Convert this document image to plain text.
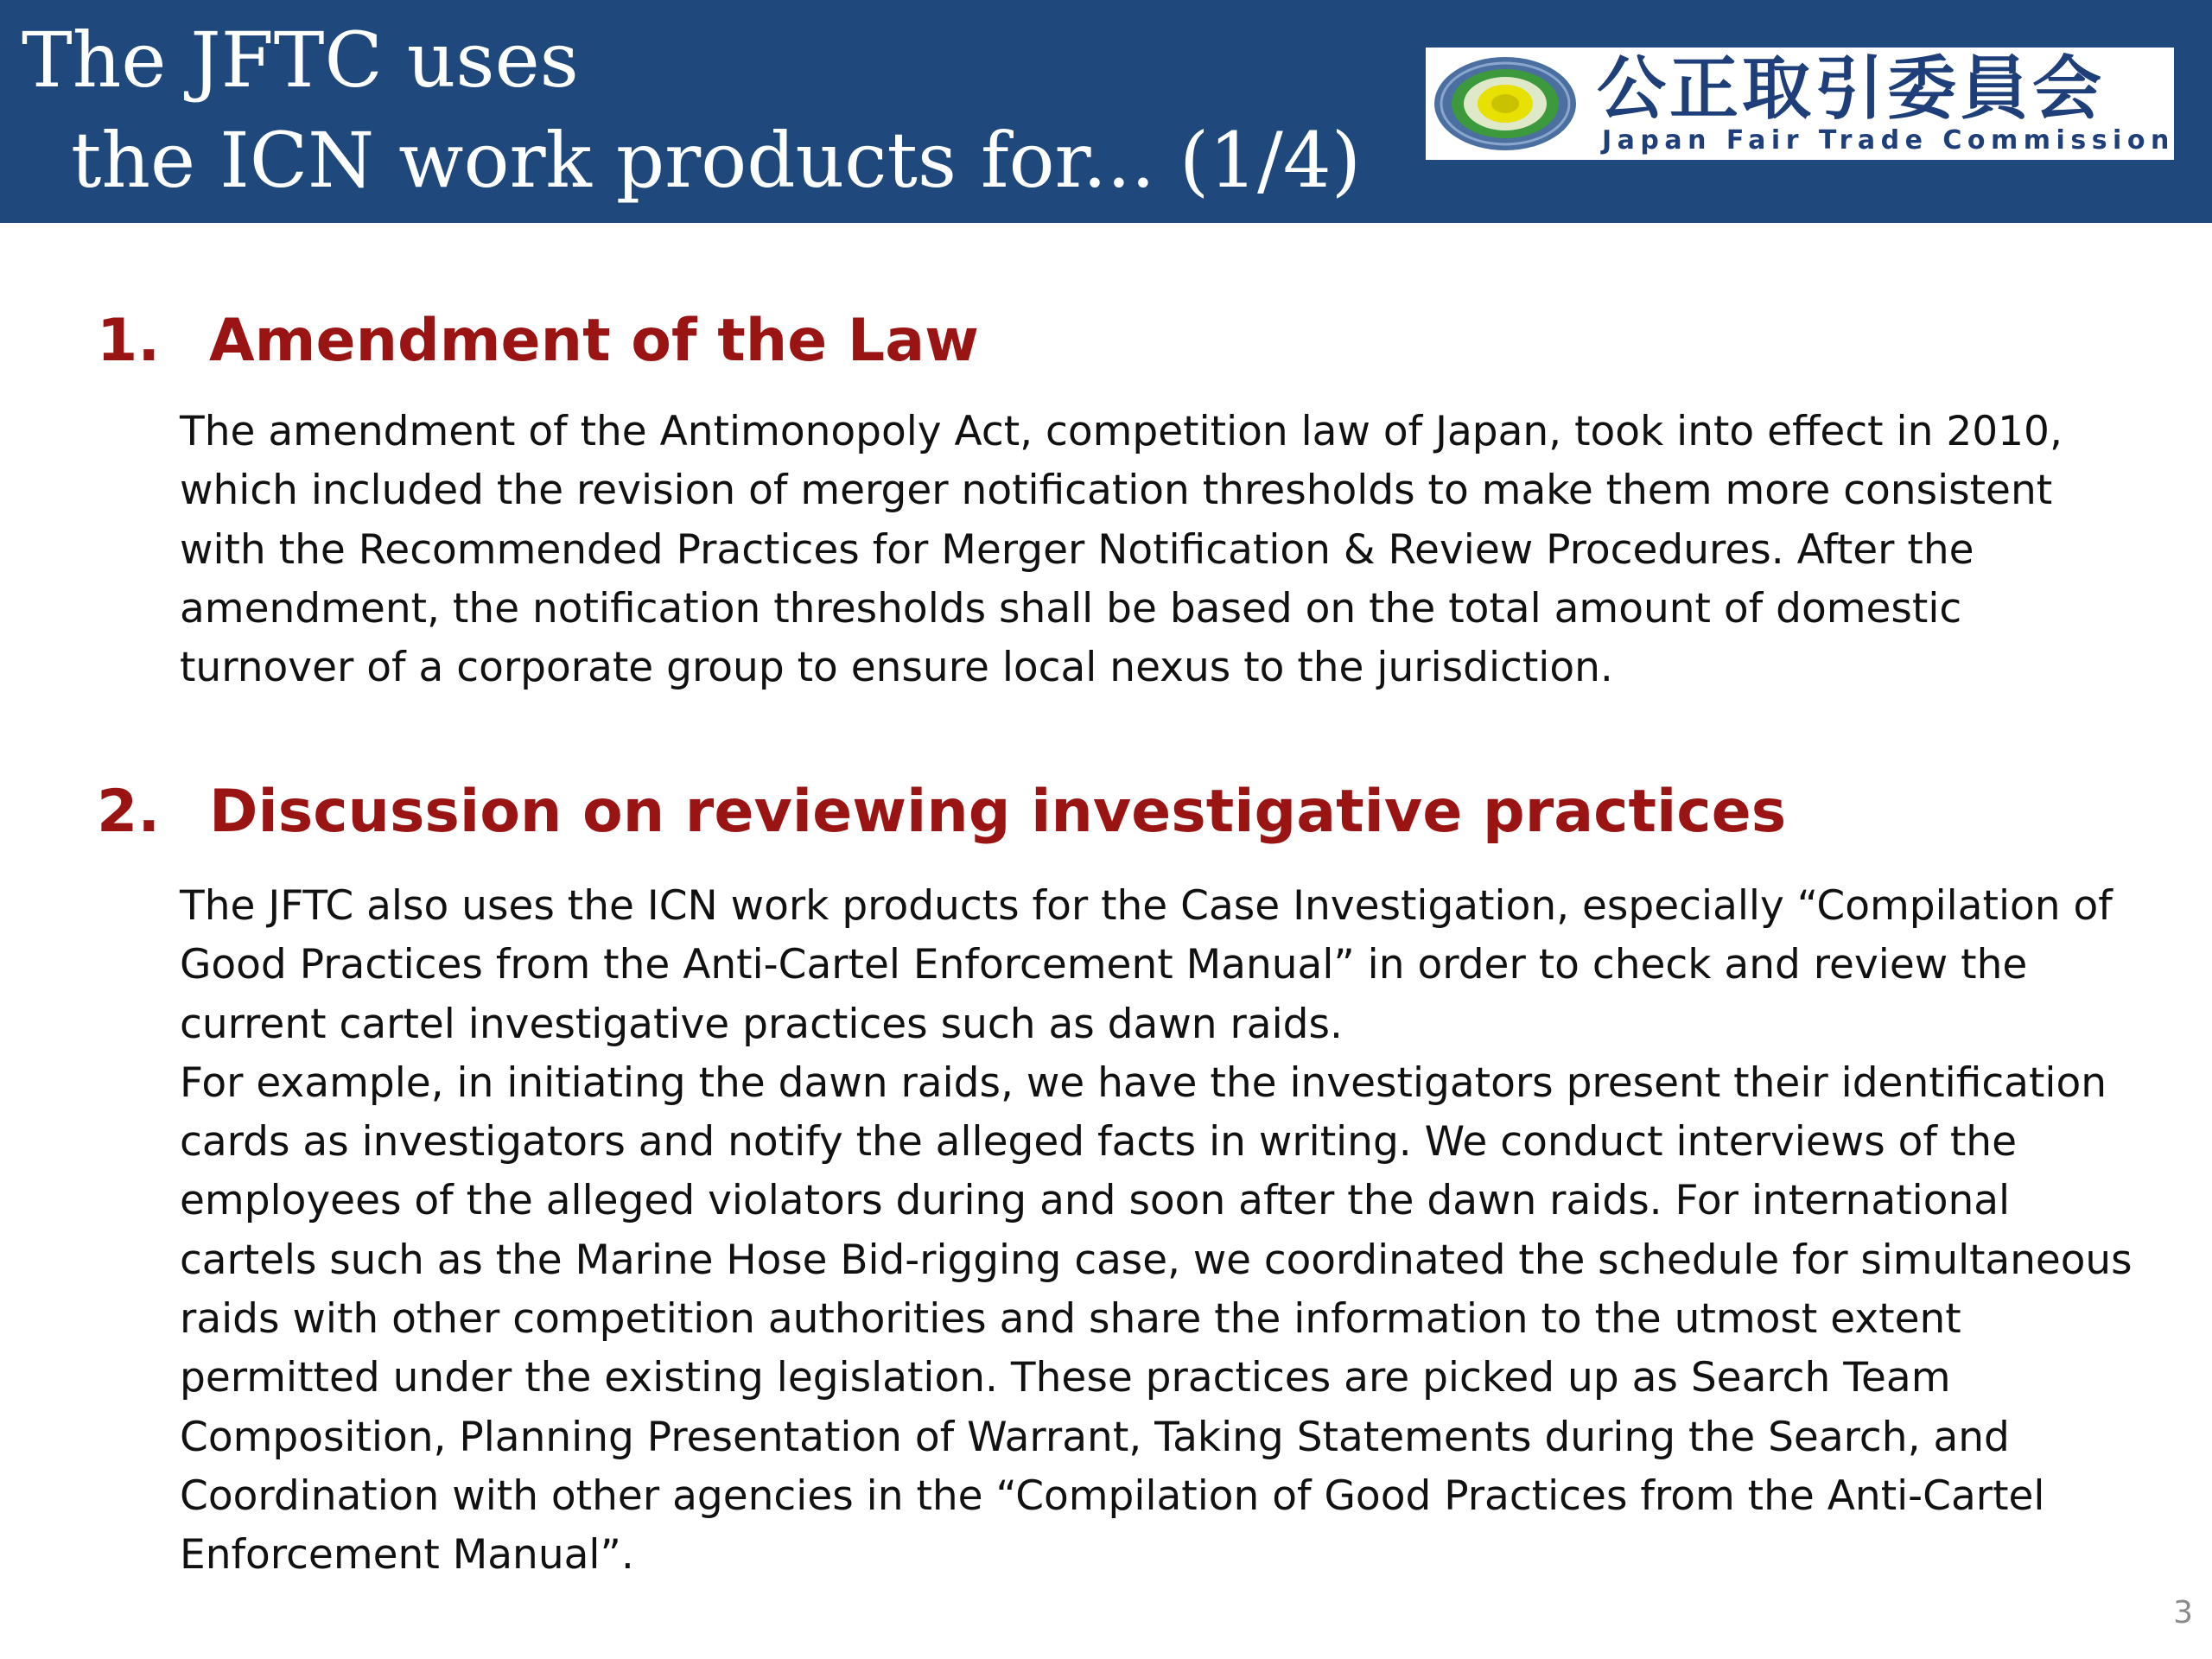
The JFTC uses
the ICN work products for... (1/4)
公正取引委員会
Japan Fair Trade Commission
1. Amendment of the Law
The amendment of the Antimonopoly Act, competition law of Japan, took into effect in 2010,
which included the revision of merger notification thresholds to make them more consistent
with the Recommended Practices for Merger Notification & Review Procedures. After the
amendment, the notification thresholds shall be based on the total amount of domestic
turnover of a corporate group to ensure local nexus to the jurisdiction.
2. Discussion on reviewing investigative practices
The JFTC also uses the ICN work products for the Case Investigation, especially “Compilation of
Good Practices from the Anti-Cartel Enforcement Manual” in order to check and review the
current cartel investigative practices such as dawn raids.
For example, in initiating the dawn raids, we have the investigators present their identification
cards as investigators and notify the alleged facts in writing. We conduct interviews of the
employees of the alleged violators during and soon after the dawn raids. For international
cartels such as the Marine Hose Bid-rigging case, we coordinated the schedule for simultaneous
raids with other competition authorities and share the information to the utmost extent
permitted under the existing legislation. These practices are picked up as Search Team
Composition, Planning Presentation of Warrant, Taking Statements during the Search, and
Coordination with other agencies in the “Compilation of Good Practices from the Anti-Cartel
Enforcement Manual”.
3
